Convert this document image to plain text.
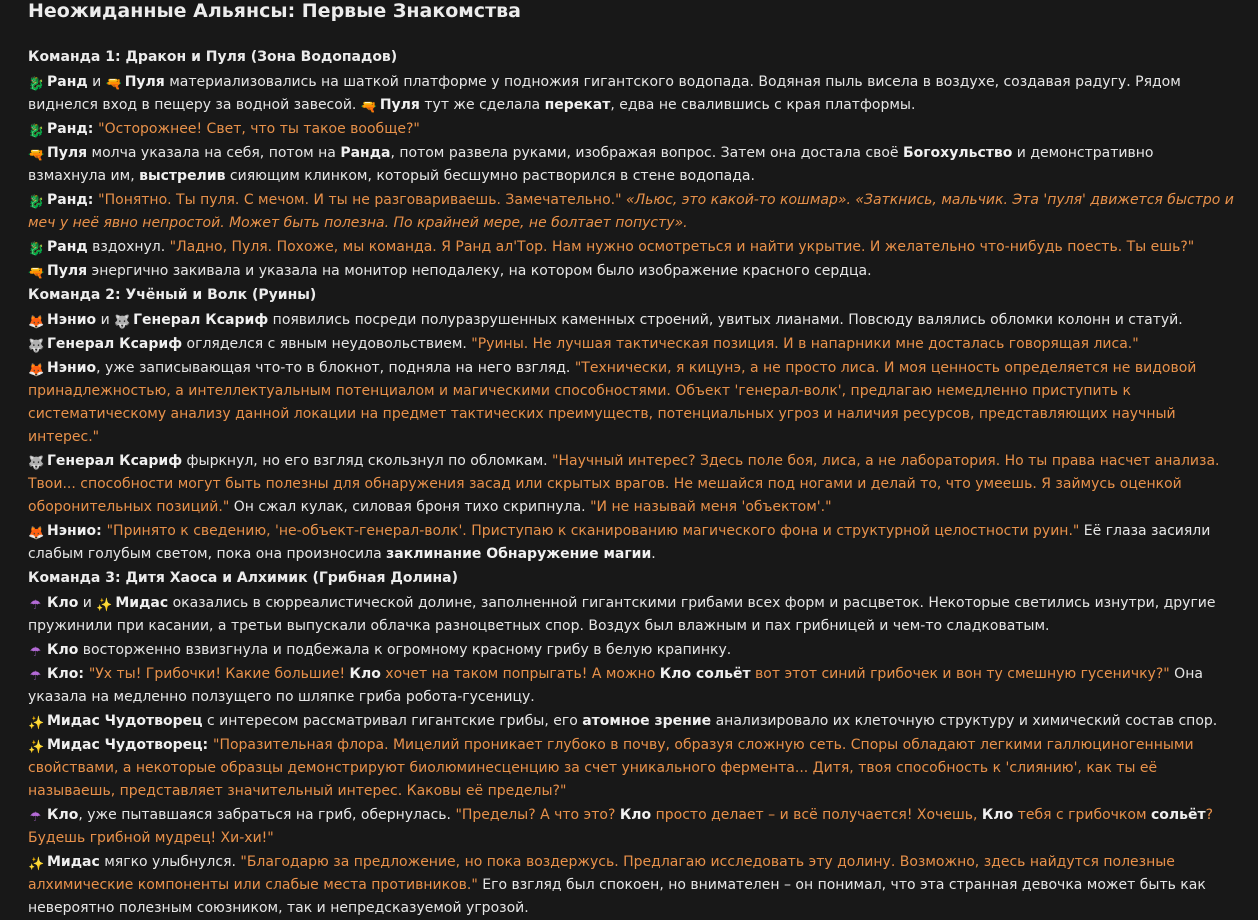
Неожиданные Альянсы: Первые Знакомства
Команда 1: Дракон и Пуля (Зона Водопадов)
🐉 Ранд и 🔫 Пуля материализовались на шаткой платформе у подножия гигантского водопада. Водяная пыль висела в воздухе, создавая радугу. Рядом виднелся вход в пещеру за водной завесой. 🔫 Пуля тут же сделала перекат, едва не свалившись с края платформы.
🐉 Ранд: "Осторожнее! Свет, что ты такое вообще?"
🔫 Пуля молча указала на себя, потом на Ранда, потом развела руками, изображая вопрос. Затем она достала своё Богохульство и демонстративно взмахнула им, выстрелив сияющим клинком, который бесшумно растворился в стене водопада.
🐉 Ранд: "Понятно. Ты пуля. С мечом. И ты не разговариваешь. Замечательно." «Льюс, это какой-то кошмар». «Заткнись, мальчик. Эта 'пуля' движется быстро и меч у неё явно непростой. Может быть полезна. По крайней мере, не болтает попусту».
🐉 Ранд вздохнул. "Ладно, Пуля. Похоже, мы команда. Я Ранд ал'Тор. Нам нужно осмотреться и найти укрытие. И желательно что-нибудь поесть. Ты ешь?"
🔫 Пуля энергично закивала и указала на монитор неподалеку, на котором было изображение красного сердца.
Команда 2: Учёный и Волк (Руины)
🦊 Нэнио и 🐺 Генерал Ксариф появились посреди полуразрушенных каменных строений, увитых лианами. Повсюду валялись обломки колонн и статуй.
🐺 Генерал Ксариф огляделся с явным неудовольствием. "Руины. Не лучшая тактическая позиция. И в напарники мне досталась говорящая лиса."
🦊 Нэнио, уже записывающая что-то в блокнот, подняла на него взгляд. "Технически, я кицунэ, а не просто лиса. И моя ценность определяется не видовой принадлежностью, а интеллектуальным потенциалом и магическими способностями. Объект 'генерал-волк', предлагаю немедленно приступить к систематическому анализу данной локации на предмет тактических преимуществ, потенциальных угроз и наличия ресурсов, представляющих научный интерес."
🐺 Генерал Ксариф фыркнул, но его взгляд скользнул по обломкам. "Научный интерес? Здесь поле боя, лиса, а не лаборатория. Но ты права насчет анализа. Твои... способности могут быть полезны для обнаружения засад или скрытых врагов. Не мешайся под ногами и делай то, что умеешь. Я займусь оценкой оборонительных позиций." Он сжал кулак, силовая броня тихо скрипнула. "И не называй меня 'объектом'."
🦊 Нэнио: "Принято к сведению, 'не-объект-генерал-волк'. Приступаю к сканированию магического фона и структурной целостности руин." Её глаза засияли слабым голубым светом, пока она произносила заклинание Обнаружение магии.
Команда 3: Дитя Хаоса и Алхимик (Грибная Долина)
☂ Кло и ✨ Мидас оказались в сюрреалистической долине, заполненной гигантскими грибами всех форм и расцветок. Некоторые светились изнутри, другие пружинили при касании, а третьи выпускали облачка разноцветных спор. Воздух был влажным и пах грибницей и чем-то сладковатым.
☂ Кло восторженно взвизгнула и подбежала к огромному красному грибу в белую крапинку.
☂ Кло: "Ух ты! Грибочки! Какие большие! Кло хочет на таком попрыгать! А можно Кло сольёт вот этот синий грибочек и вон ту смешную гусеничку?" Она указала на медленно ползущего по шляпке гриба робота-гусеницу.
✨ Мидас Чудотворец с интересом рассматривал гигантские грибы, его атомное зрение анализировало их клеточную структуру и химический состав спор.
✨ Мидас Чудотворец: "Поразительная флора. Мицелий проникает глубоко в почву, образуя сложную сеть. Споры обладают легкими галлюциногенными свойствами, а некоторые образцы демонстрируют биолюминесценцию за счет уникального фермента... Дитя, твоя способность к 'слиянию', как ты её называешь, представляет значительный интерес. Каковы её пределы?"
☂ Кло, уже пытавшаяся забраться на гриб, обернулась. "Пределы? А что это? Кло просто делает – и всё получается! Хочешь, Кло тебя с грибочком сольёт? Будешь грибной мудрец! Хи-хи!"
✨ Мидас мягко улыбнулся. "Благодарю за предложение, но пока воздержусь. Предлагаю исследовать эту долину. Возможно, здесь найдутся полезные алхимические компоненты или слабые места противников." Его взгляд был спокоен, но внимателен – он понимал, что эта странная девочка может быть как невероятно полезным союзником, так и непредсказуемой угрозой.
